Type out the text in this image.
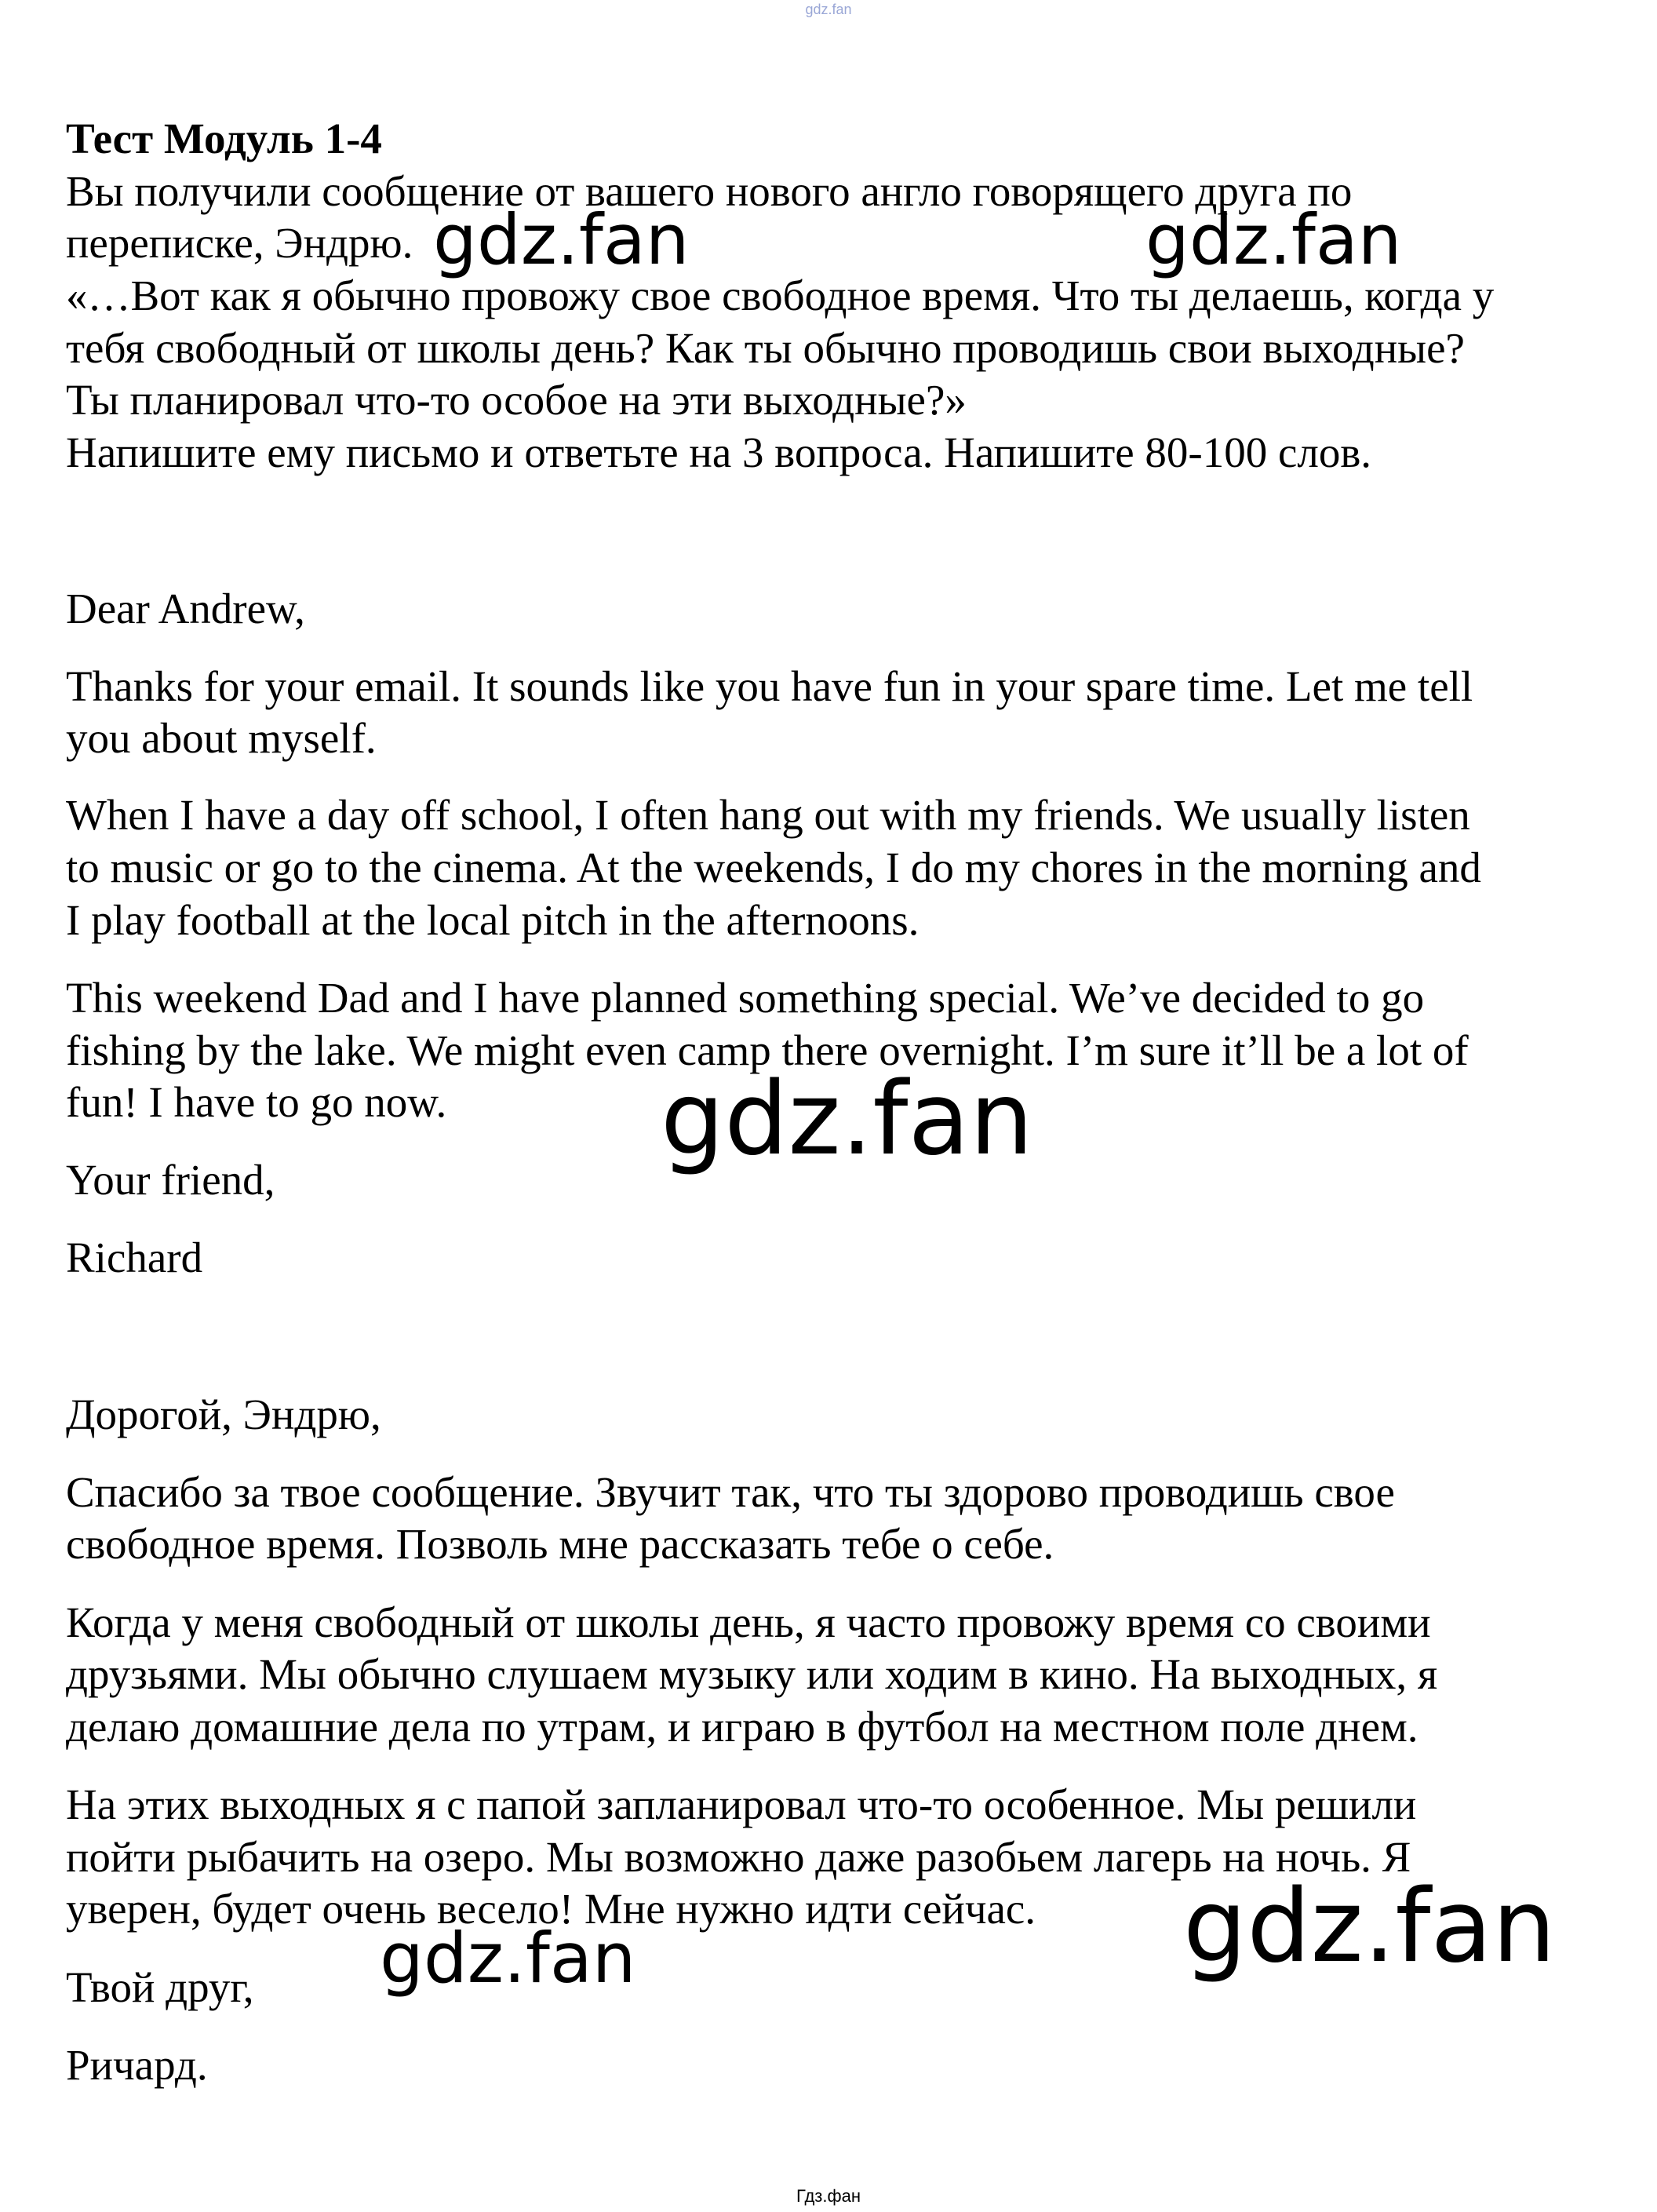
gdz.fan

Тест Модуль 1-4

Вы получили сообщение от вашего нового англо говорящего друга по

переписке, Эндрю.

«…Вот как я обычно провожу свое свободное время. Что ты делаешь, когда у

тебя свободный от школы день? Как ты обычно проводишь свои выходные?

Ты планировал что-то особое на эти выходные?»

Напишите ему письмо и ответьте на 3 вопроса. Напишите 80-100 слов.

Dear Andrew,

Thanks for your email. It sounds like you have fun in your spare time. Let me tell

you about myself.

When I have a day off school, I often hang out with my friends. We usually listen

to music or go to the cinema. At the weekends, I do my chores in the morning and

I play football at the local pitch in the afternoons.

This weekend Dad and I have planned something special. We’ve decided to go

fishing by the lake. We might even camp there overnight. I’m sure it’ll be a lot of

fun! I have to go now.

Your friend,

Richard

Дорогой, Эндрю,

Спасибо за твое сообщение. Звучит так, что ты здорово проводишь свое

свободное время. Позволь мне рассказать тебе о себе.

Когда у меня свободный от школы день, я часто провожу время со своими

друзьями. Мы обычно слушаем музыку или ходим в кино. На выходных, я

делаю домашние дела по утрам, и играю в футбол на местном поле днем.

На этих выходных я с папой запланировал что-то особенное. Мы решили

пойти рыбачить на озеро. Мы возможно даже разобьем лагерь на ночь. Я

уверен, будет очень весело! Мне нужно идти сейчас.

Твой друг,

Ричард.

gdz.fan	gdz.fan
gdz.fan
gdz.fan
gdz.fan
Гдз.фан
